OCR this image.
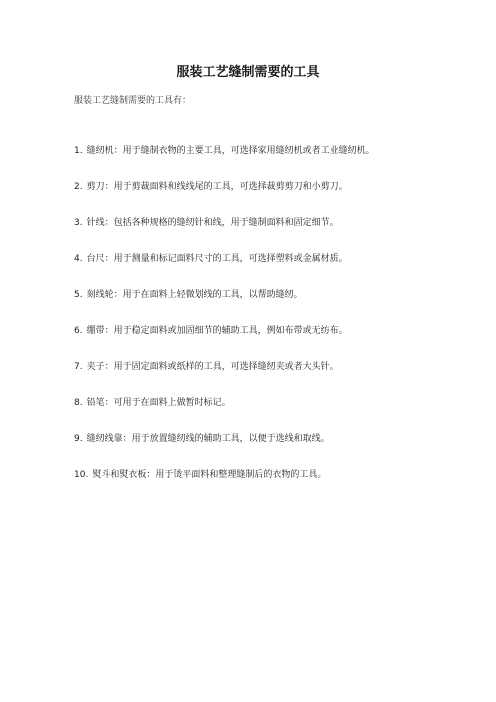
服装工艺缝制需要的工具
服装工艺缝制需要的工具有：
1. 缝纫机：用于缝制衣物的主要工具，可选择家用缝纫机或者工业缝纫机。
2. 剪刀：用于剪裁面料和线线尾的工具，可选择裁剪剪刀和小剪刀。
3. 针线：包括各种规格的缝纫针和线，用于缝制面料和固定细节。
4. 台尺：用于测量和标记面料尺寸的工具，可选择塑料或金属材质。
5. 刻线轮：用于在面料上轻微划线的工具，以帮助缝纫。
6. 绷带：用于稳定面料或加固细节的辅助工具，例如布带或无纺布。
7. 夹子：用于固定面料或纸样的工具，可选择缝纫夹或者大头针。
8. 铅笔：可用于在面料上做暂时标记。
9. 缝纫线靠：用于放置缝纫线的辅助工具，以便于选线和取线。
10. 熨斗和熨衣板：用于烫平面料和整理缝制后的衣物的工具。
